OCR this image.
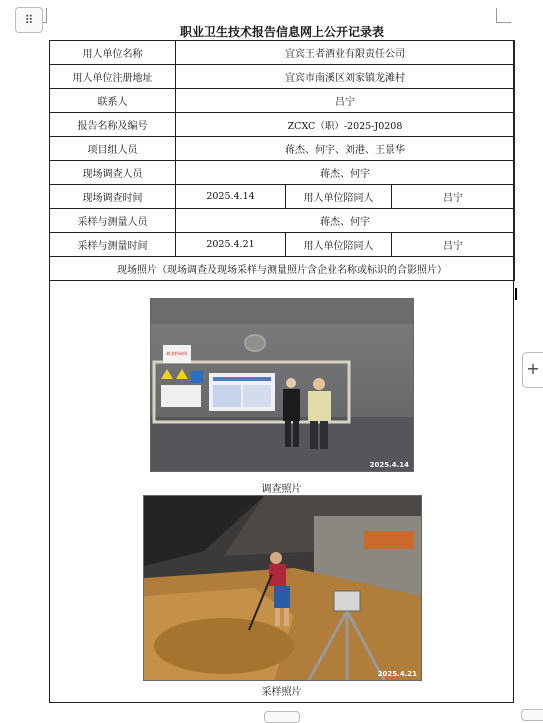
⠿
+
职业卫生技术报告信息网上公开记录表
用人单位名称	宜宾王者酒业有限责任公司		
用人单位注册地址	宜宾市南溪区刘家镇龙滩村		
联系人	吕宁		
报告名称及编号	ZCXC（职）-2025-J0208		
项目组人员	蒋杰、何宇、刘港、王景华		
现场调查人员	蒋杰、何宇		
现场调查时间	2025.4.14	用人单位陪同人	吕宁
采样与测量人员	蒋杰、何宇		
采样与测量时间	2025.4.21	用人单位陪同人	吕宁
现场照片（现场调查及现场采样与测量照片含企业名称或标识的合影照片）			
粮食粉碎间
2025.4.14
调查照片
2025.4.21
采样照片
